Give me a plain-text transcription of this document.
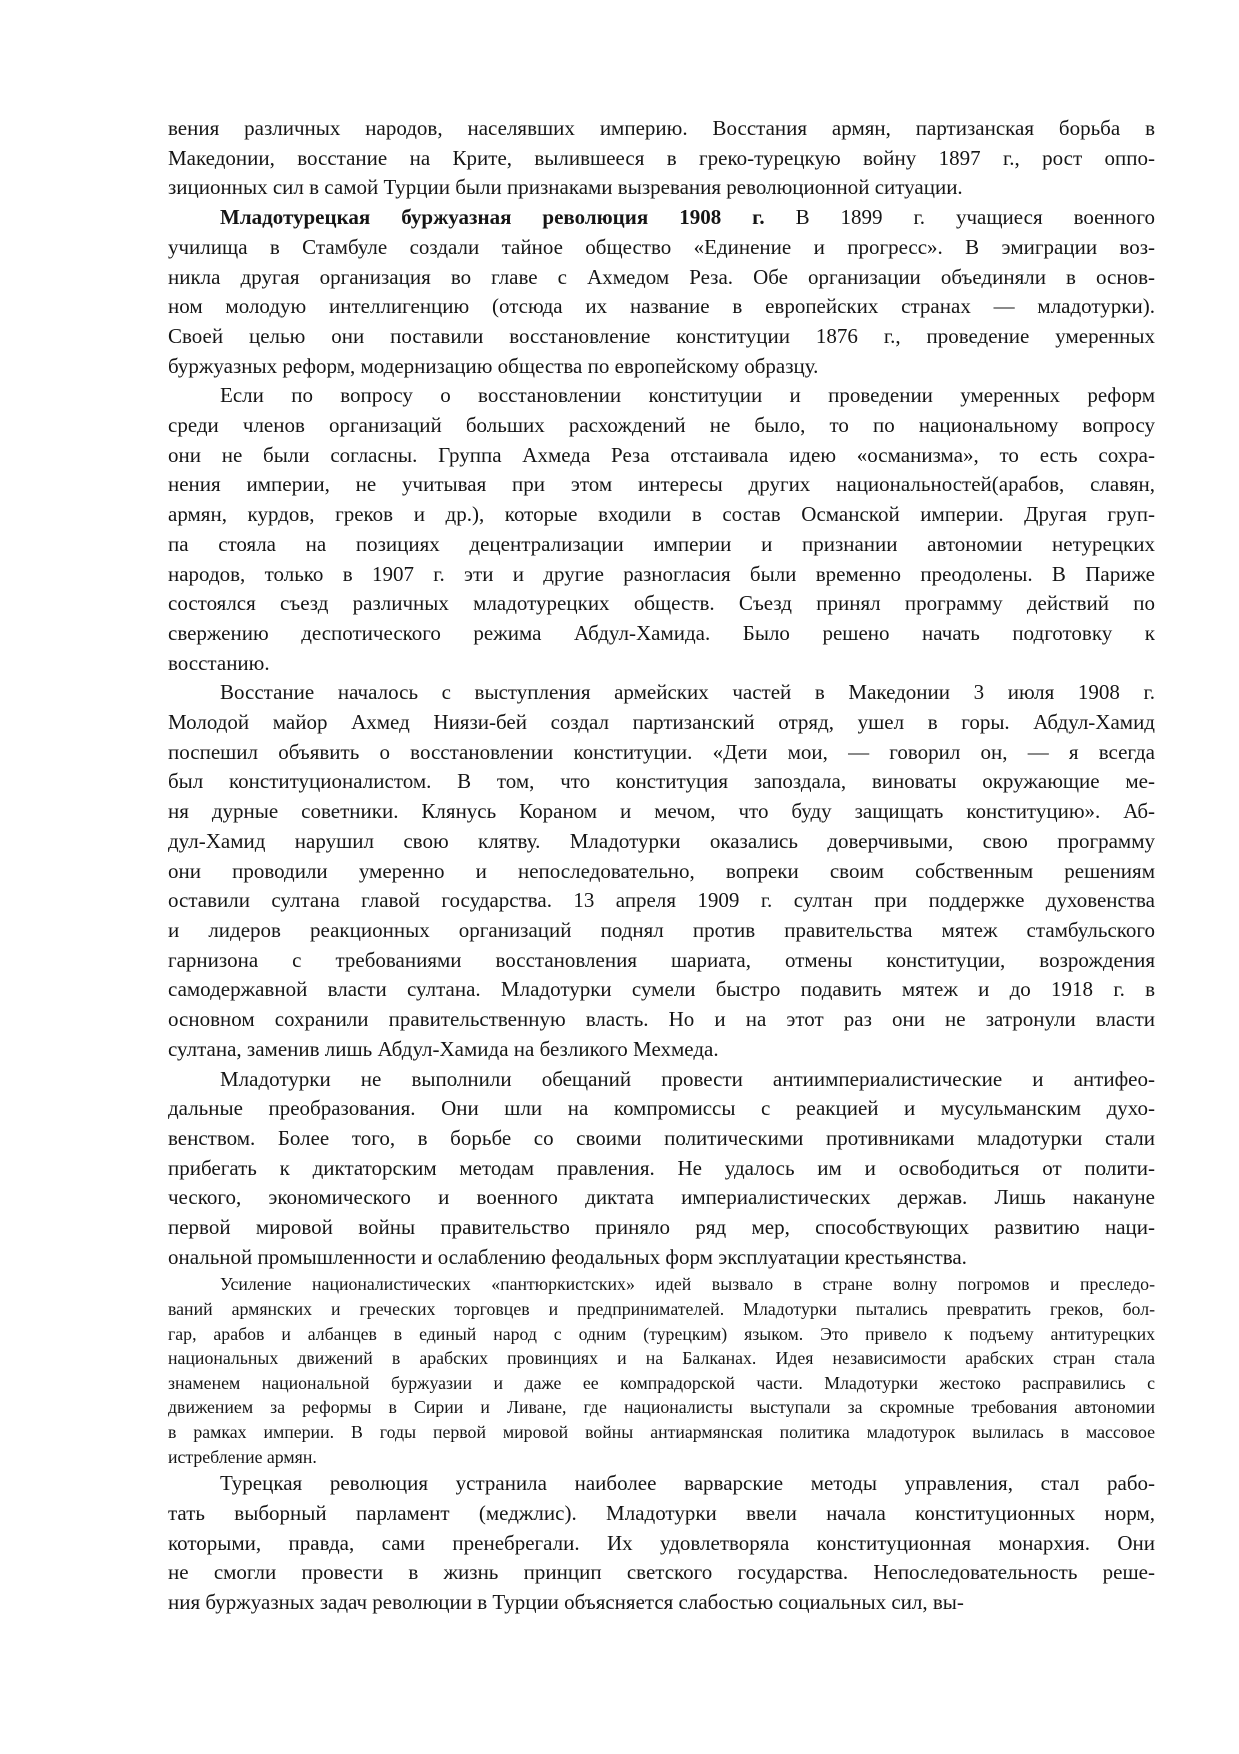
вения различных народов, населявших империю. Восстания армян, партизанская борьба в
Македонии, восстание на Крите, вылившееся в греко-турецкую войну 1897 г., рост оппо-
зиционных сил в самой Турции были признаками вызревания революционной ситуации.

Младотурецкая буржуазная революция 1908 г. В 1899 г. учащиеся военного
училища в Стамбуле создали тайное общество «Единение и прогресс». В эмиграции воз-
никла другая организация во главе с Ахмедом Реза. Обе организации объединяли в основ-
ном молодую интеллигенцию (отсюда их название в европейских странах — младотурки).
Своей целью они поставили восстановление конституции 1876 г., проведение умеренных
буржуазных реформ, модернизацию общества по европейскому образцу.

Если по вопросу о восстановлении конституции и проведении умеренных реформ
среди членов организаций больших расхождений не было, то по национальному вопросу
они не были согласны. Группа Ахмеда Реза отстаивала идею «османизма», то есть сохра-
нения империи, не учитывая при этом интересы других национальностей(арабов, славян,
армян, курдов, греков и др.), которые входили в состав Османской империи. Другая груп-
па стояла на позициях децентрализации империи и признании автономии нетурецких
народов, только в 1907 г. эти и другие разногласия были временно преодолены. В Париже
состоялся съезд различных младотурецких обществ. Съезд принял программу действий по
свержению деспотического режима Абдул-Хамида. Было решено начать подготовку к
восстанию.

Восстание началось с выступления армейских частей в Македонии 3 июля 1908 г.
Молодой майор Ахмед Ниязи-бей создал партизанский отряд, ушел в горы. Абдул-Хамид
поспешил объявить о восстановлении конституции. «Дети мои, — говорил он, — я всегда
был конституционалистом. В том, что конституция запоздала, виноваты окружающие ме-
ня дурные советники. Клянусь Кораном и мечом, что буду защищать конституцию». Аб-
дул-Хамид нарушил свою клятву. Младотурки оказались доверчивыми, свою программу
они проводили умеренно и непоследовательно, вопреки своим собственным решениям
оставили султана главой государства. 13 апреля 1909 г. султан при поддержке духовенства
и лидеров реакционных организаций поднял против правительства мятеж стамбульского
гарнизона с требованиями восстановления шариата, отмены конституции, возрождения
самодержавной власти султана. Младотурки сумели быстро подавить мятеж и до 1918 г. в
основном сохранили правительственную власть. Но и на этот раз они не затронули власти
султана, заменив лишь Абдул-Хамида на безликого Мехмеда.

Младотурки не выполнили обещаний провести антиимпериалистические и антифео-
дальные преобразования. Они шли на компромиссы с реакцией и мусульманским духо-
венством. Более того, в борьбе со своими политическими противниками младотурки стали
прибегать к диктаторским методам правления. Не удалось им и освободиться от полити-
ческого, экономического и военного диктата империалистических держав. Лишь накануне
первой мировой войны правительство приняло ряд мер, способствующих развитию наци-
ональной промышленности и ослаблению феодальных форм эксплуатации крестьянства.

Усиление националистических «пантюркистских» идей вызвало в стране волну погромов и преследо-
ваний армянских и греческих торговцев и предпринимателей. Младотурки пытались превратить греков, бол-
гар, арабов и албанцев в единый народ с одним (турецким) языком. Это привело к подъему антитурецких
национальных движений в арабских провинциях и на Балканах. Идея независимости арабских стран стала
знаменем национальной буржуазии и даже ее компрадорской части. Младотурки жестоко расправились с
движением за реформы в Сирии и Ливане, где националисты выступали за скромные требования автономии
в рамках империи. В годы первой мировой войны антиармянская политика младотурок вылилась в массовое
истребление армян.

Турецкая революция устранила наиболее варварские методы управления, стал рабо-
тать выборный парламент (меджлис). Младотурки ввели начала конституционных норм,
которыми, правда, сами пренебрегали. Их удовлетворяла конституционная монархия. Они
не смогли провести в жизнь принцип светского государства. Непоследовательность реше-
ния буржуазных задач революции в Турции объясняется слабостью социальных сил, вы-
